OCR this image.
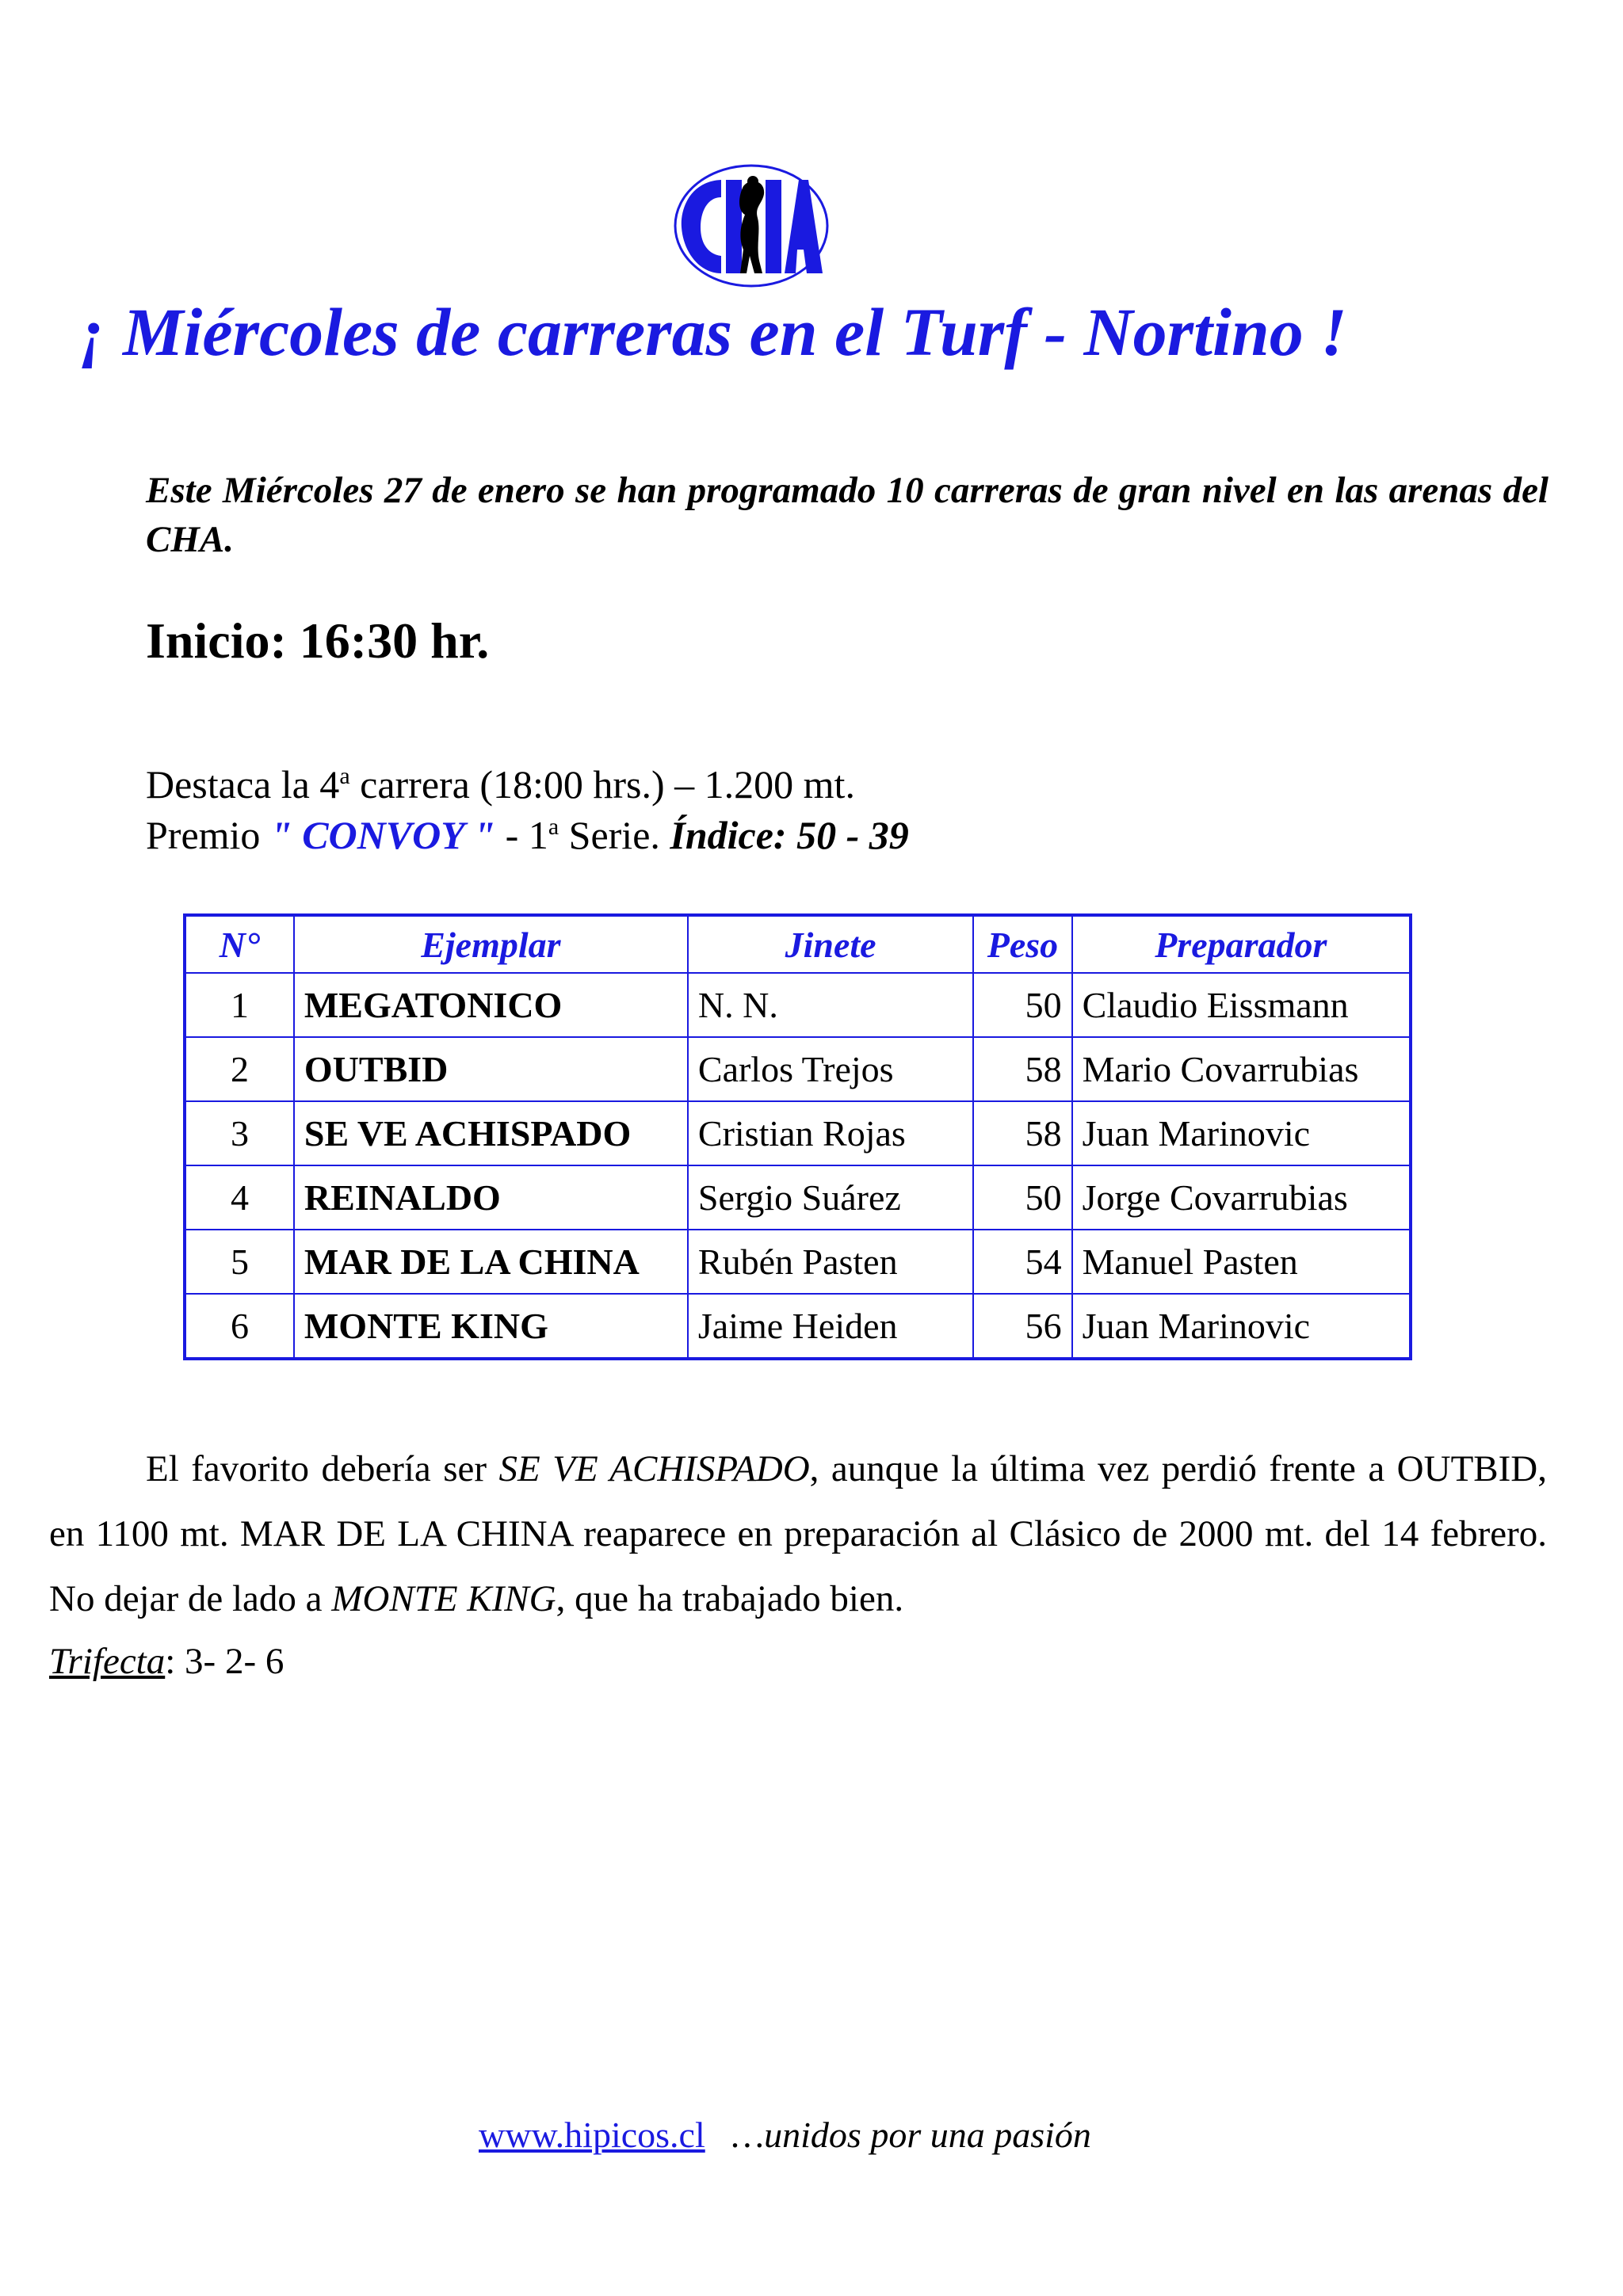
¡ Miércoles de carreras en el Turf - Nortino !

Este Miércoles 27 de enero se han programado 10 carreras de gran nivel en las arenas del CHA.

Inicio: 16:30 hr.

Destaca la 4$^a$ carrera (18:00 hrs.) – 1.200 mt.
Premio " CONVOY " - 1$^a$ Serie. Índice: 50 - 39
N°	Ejemplar	Jinete	Peso	Preparador
1	MEGATONICO	N. N.	50	Claudio Eissmann
2	OUTBID	Carlos Trejos	58	Mario Covarrubias
3	SE VE ACHISPADO	Cristian Rojas	58	Juan Marinovic
4	REINALDO	Sergio Suárez	50	Jorge Covarrubias
5	MAR DE LA CHINA	Rubén Pasten	54	Manuel Pasten
6	MONTE KING	Jaime Heiden	56	Juan Marinovic

El favorito debería ser SE VE ACHISPADO, aunque la última vez perdió frente a OUTBID, en 1100 mt. MAR DE LA CHINA reaparece en preparación al Clásico de 2000 mt. del 14 febrero. No dejar de lado a MONTE KING, que ha trabajado bien.

Trifecta: 3- 2- 6

www.hipicos.cl …unidos por una pasión
